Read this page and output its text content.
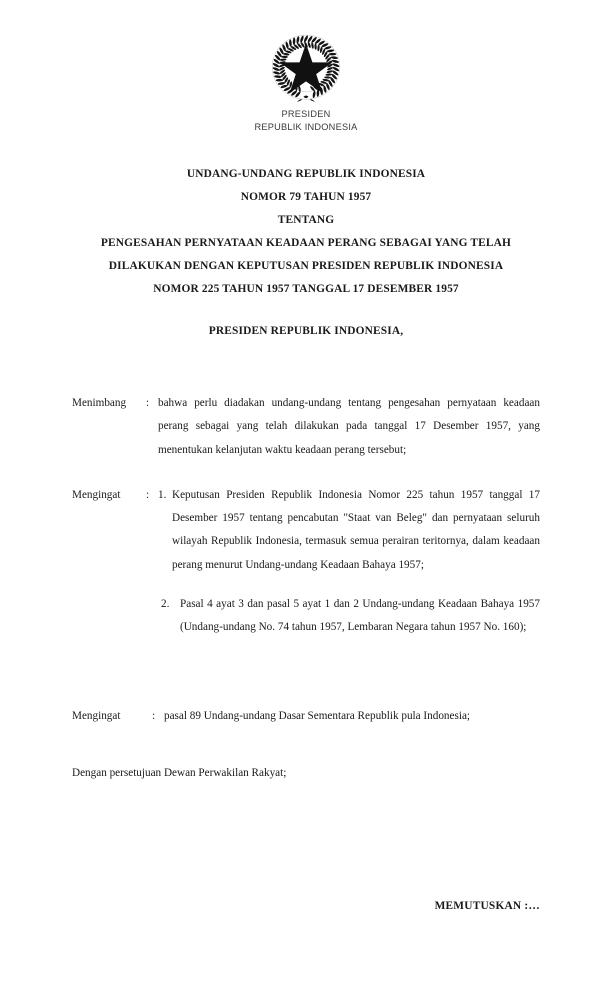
PRESIDEN
REPUBLIK INDONESIA
UNDANG-UNDANG REPUBLIK INDONESIA
NOMOR 79 TAHUN 1957
TENTANG
PENGESAHAN PERNYATAAN KEADAAN PERANG SEBAGAI YANG TELAH
DILAKUKAN DENGAN KEPUTUSAN PRESIDEN REPUBLIK INDONESIA
NOMOR 225 TAHUN 1957 TANGGAL 17 DESEMBER 1957
PRESIDEN REPUBLIK INDONESIA,
Menimbang	: bahwa perlu diadakan undang-undang tentang pengesahan pernyataan keadaan perang sebagai yang telah dilakukan pada tanggal 17 Desember 1957, yang menentukan kelanjutan waktu keadaan perang tersebut;
Mengingat	: 1. Keputusan Presiden Republik Indonesia Nomor 225 tahun 1957 tanggal 17 Desember 1957 tentang pencabutan "Staat van Beleg" dan pernyataan seluruh wilayah Republik Indonesia, termasuk semua perairan teritornya, dalam keadaan perang menurut Undang-undang Keadaan Bahaya 1957;
2. Pasal 4 ayat 3 dan pasal 5 ayat 1 dan 2 Undang-undang Keadaan Bahaya 1957 (Undang-undang No. 74 tahun 1957, Lembaran Negara tahun 1957 No. 160);
Mengingat	: pasal 89 Undang-undang Dasar Sementara Republik pula Indonesia;
Dengan persetujuan Dewan Perwakilan Rakyat;
MEMUTUSKAN :…
